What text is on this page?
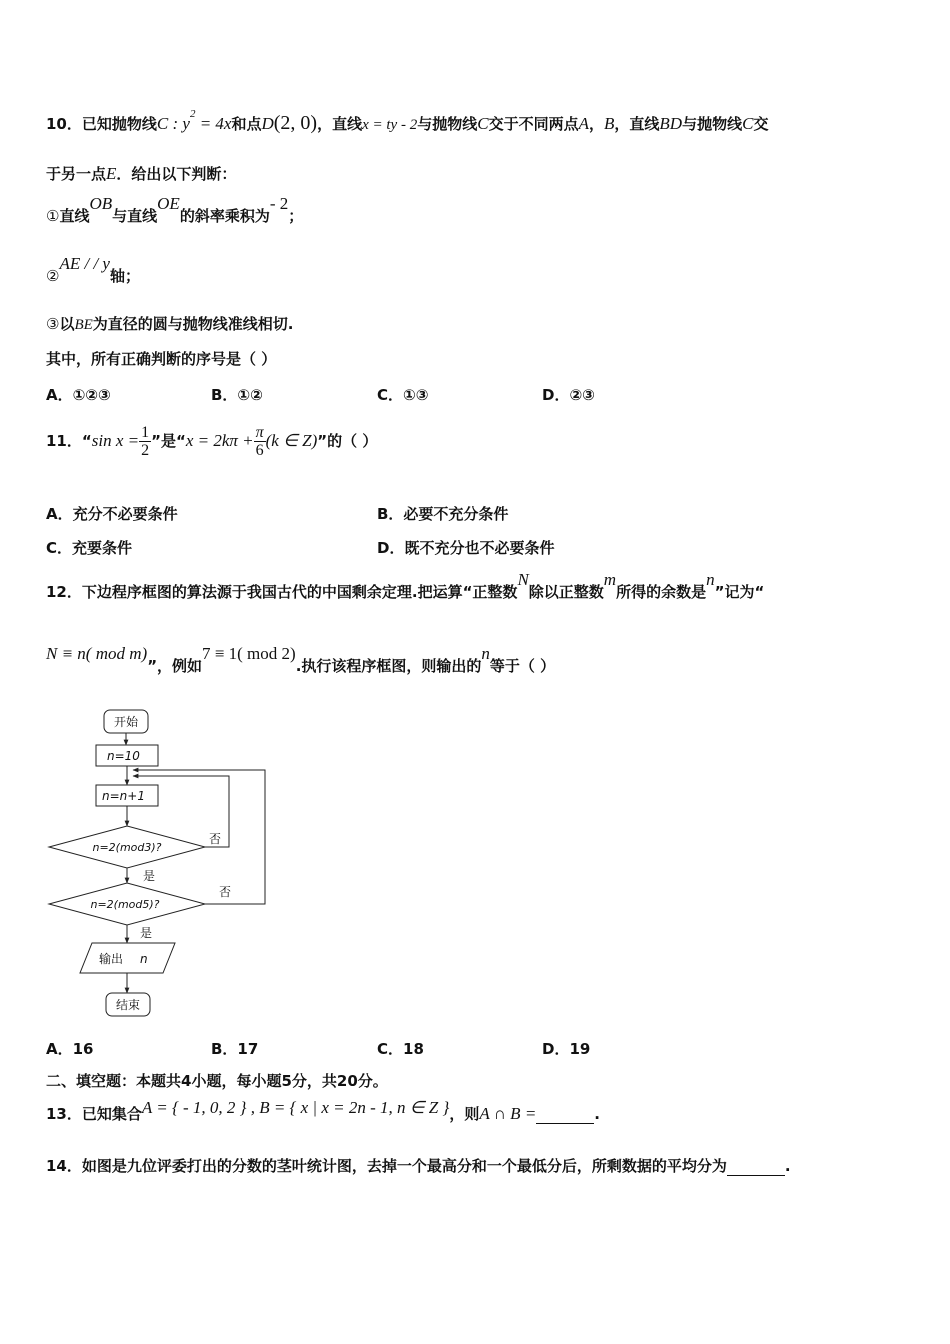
10．已知抛物线C : $y^2 = 4x$和点D(2, 0)，直线x = ty - 2与抛物线C交于不同两点A，B，直线BD与抛物线C交
于另一点E．给出以下判断：
①直线OB与直线OE的斜率乘积为- 2；
②AE / / y轴；
③以BE为直径的圆与抛物线准线相切.
其中，所有正确判断的序号是（ ）
A．①②③	B．①②	C．①③	D．②③
11．“sin $x = \frac{1}{2}$ ”是“$x = 2k\pi + \frac{\pi}{6} (k$ ∈ Z)”的（ ）
A．充分不必要条件	B．必要不充分条件
C．充要条件	D．既不充分也不必要条件
12．下边程序框图的算法源于我国古代的中国剩余定理.把运算“正整数N除以正整数m所得的余数是n”记为“
N ≡ n( mod m)”，例如7 ≡ 1( mod 2).执行该程序框图，则输出的n等于（ ）
开始
n=10
n=n+1
n=2(mod3)?
n=2(mod5)?
否
否
是
是
输出 n
结束
A．16	B．17	C．18	D．19
二、填空题：本题共4小题，每小题5分，共20分。
13．已知集合A = { - 1, 0, 2 } , B = { x | x = 2n - 1, n ∈ Z }，则A ∩ B =	.
14．如图是九位评委打出的分数的茎叶统计图，去掉一个最高分和一个最低分后，所剩数据的平均分为	.
